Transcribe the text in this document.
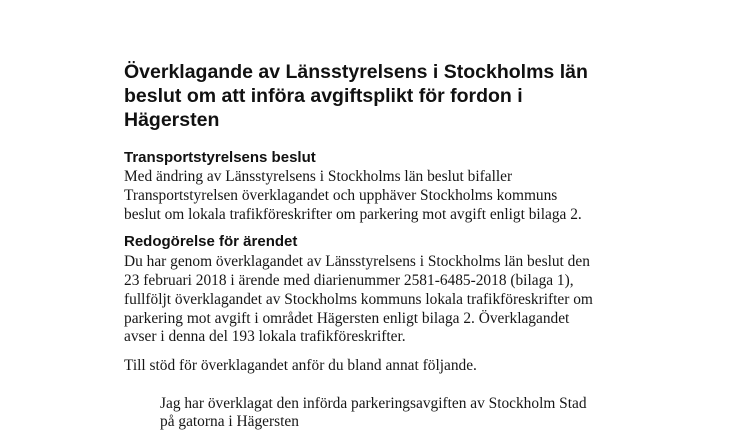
Överklagande av Länsstyrelsens i Stockholms län beslut om att införa avgiftsplikt för fordon i Hägersten
Transportstyrelsens beslut

Med ändring av Länsstyrelsens i Stockholms län beslut bifaller

Transportstyrelsen överklagandet och upphäver Stockholms kommuns

beslut om lokala trafikföreskrifter om parkering mot avgift enligt bilaga 2.

Redogörelse för ärendet

Du har genom överklagandet av Länsstyrelsens i Stockholms län beslut den

23 februari 2018 i ärende med diarienummer 2581-6485-2018 (bilaga 1),

fullföljt överklagandet av Stockholms kommuns lokala trafikföreskrifter om

parkering mot avgift i området Hägersten enligt bilaga 2. Överklagandet

avser i denna del 193 lokala trafikföreskrifter.

Till stöd för överklagandet anför du bland annat följande.

Jag har överklagat den införda parkeringsavgiften av Stockholm Stad

på gatorna i Hägersten
